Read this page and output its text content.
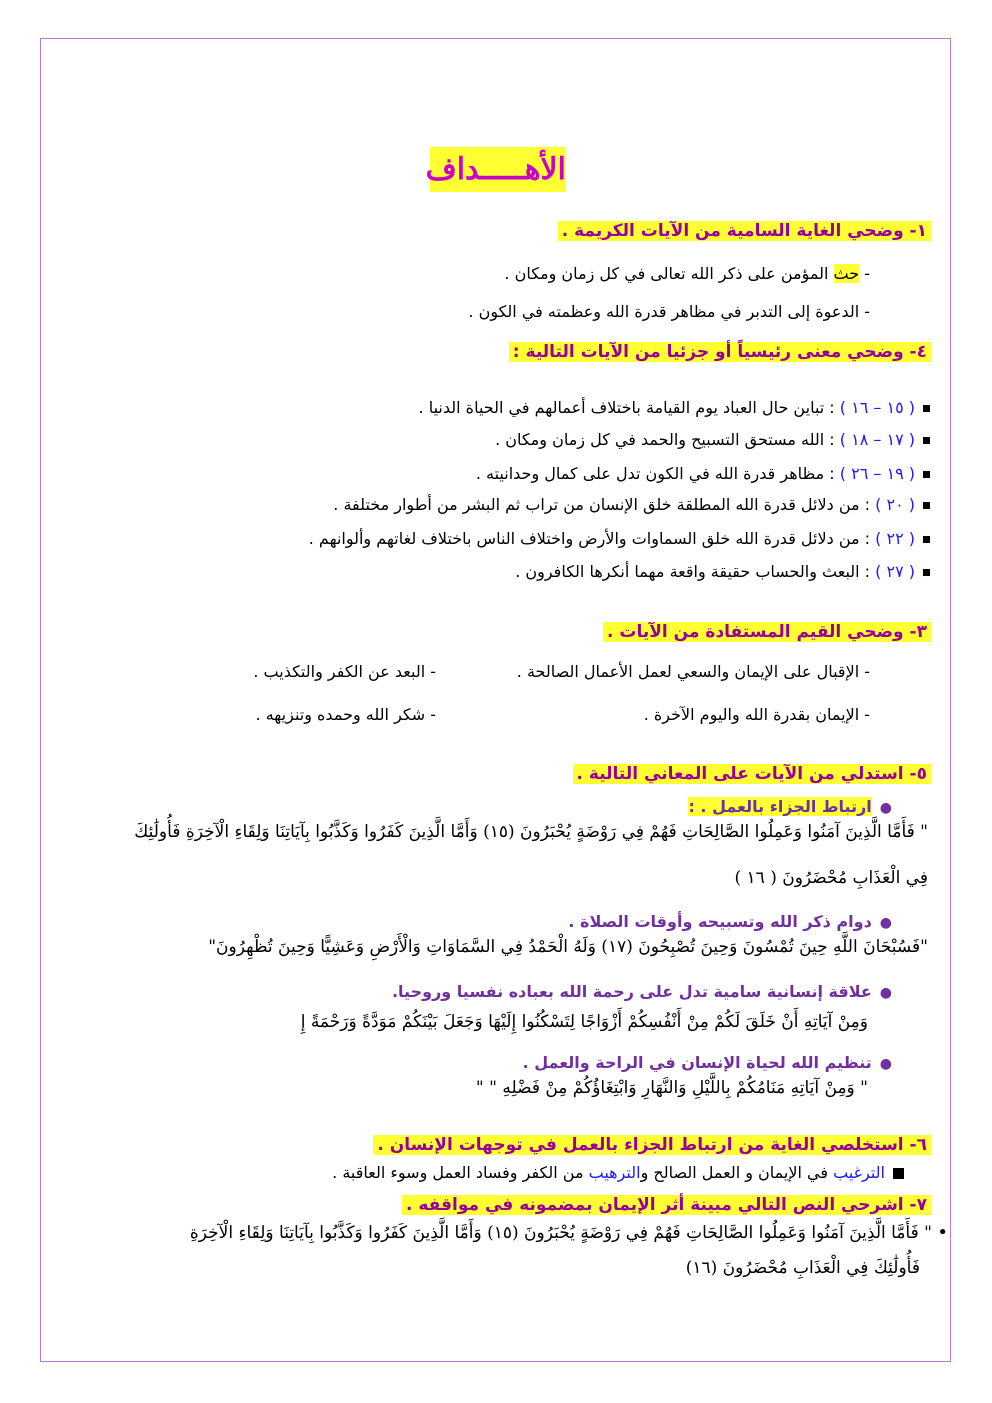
الأهـــــداف
١- وضحي الغاية السامية من الآيات الكريمة .
- حث المؤمن على ذكر الله تعالى في كل زمان ومكان .
- الدعوة إلى التدبر في مظاهر قدرة الله وعظمته في الكون .
٤- وضحي معنى رئيسياً أو جزئيا من الآيات التالية :
( ١٥ – ١٦ ) : تباين حال العباد يوم القيامة باختلاف أعمالهم في الحياة الدنيا .
( ١٧ – ١٨ ) : الله مستحق التسبيح والحمد في كل زمان ومكان .
( ١٩ – ٢٦ ) : مظاهر قدرة الله في الكون تدل على كمال وحدانيته .
( ٢٠ ) : من دلائل قدرة الله المطلقة خلق الإنسان من تراب ثم البشر من أطوار مختلفة .
( ٢٢ ) : من دلائل قدرة الله خلق السماوات والأرض واختلاف الناس باختلاف لغاتهم وألوانهم .
( ٢٧ ) : البعث والحساب حقيقة واقعة مهما أنكرها الكافرون .
٣- وضحي القيم المستفادة من الآيات .
- الإقبال على الإيمان والسعي لعمل الأعمال الصالحة .
- البعد عن الكفر والتكذيب .
- الإيمان بقدرة الله واليوم الآخرة .
- شكر الله وحمده وتنزيهه .
٥- استدلي من الآيات على المعاني التالية .
●ارتباط الجزاء بالعمل . :
" فَأَمَّا الَّذِينَ آمَنُوا وَعَمِلُوا الصَّالِحَاتِ فَهُمْ فِي رَوْضَةٍ يُحْبَرُونَ (١٥) وَأَمَّا الَّذِينَ كَفَرُوا وَكَذَّبُوا بِآيَاتِنَا وَلِقَاءِ الْآخِرَةِ فَأُولَٰئِكَ
فِي الْعَذَابِ مُحْضَرُونَ ( ١٦ )
●دوام ذكر الله وتسبيحه وأوقات الصلاة .
"فَسُبْحَانَ اللَّهِ حِينَ تُمْسُونَ وَحِينَ تُصْبِحُونَ (١٧) وَلَهُ الْحَمْدُ فِي السَّمَاوَاتِ وَالْأَرْضِ وَعَشِيًّا وَحِينَ تُظْهِرُونَ"
●علاقة إنسانية سامية تدل على رحمة الله بعباده نفسيا وروحيا.
وَمِنْ آيَاتِهِ أَنْ خَلَقَ لَكُمْ مِنْ أَنْفُسِكُمْ أَزْوَاجًا لِتَسْكُنُوا إِلَيْهَا وَجَعَلَ بَيْنَكُمْ مَوَدَّةً وَرَحْمَةً إِ
●تنظيم الله لحياة الإنسان في الراحة والعمل .
" وَمِنْ آيَاتِهِ مَنَامُكُمْ بِاللَّيْلِ وَالنَّهَارِ وَابْتِغَاؤُكُمْ مِنْ فَضْلِهِ " "
٦- استخلصي الغاية من ارتباط الجزاء بالعمل في توجهات الإنسان .
الترغيب في الإيمان و العمل الصالح والترهيب من الكفر وفساد العمل وسوء العاقبة .
٧- اشرحي النص التالي مبينة أثر الإيمان بمضمونه في مواقفه .
• " فَأَمَّا الَّذِينَ آمَنُوا وَعَمِلُوا الصَّالِحَاتِ فَهُمْ فِي رَوْضَةٍ يُحْبَرُونَ (١٥) وَأَمَّا الَّذِينَ كَفَرُوا وَكَذَّبُوا بِآيَاتِنَا وَلِقَاءِ الْآخِرَةِ
فَأُولَٰئِكَ فِي الْعَذَابِ مُحْضَرُونَ (١٦)
